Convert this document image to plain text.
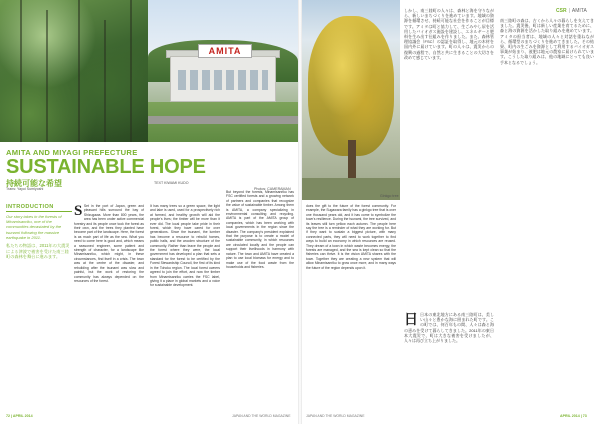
AMITA
AMITA AND MIYAGI PREFECTURE
SUSTAINABLE HOPE
持続可能な希望	TEXT KIWAMI KUDO
Trans: Yayoi Sumiyoshi	Photos: CAMERAMAN
INTRODUCTION
Our story takes in the forests of Minamisanriku, one of the communities devastated by the tsunami following the massive earthquake in 2011.
私たちの物語は、2011年の大震災による津波で被害を受けた南三陸町の森林を舞台に進みます。
S Set in the port of Japan, green and pleasant hills surround the bay of Shizugawa. More than 800 years, the area has been under active commercial forestry and its people once took the forest as their own, and the trees they planted have become part of the landscape. Here, the forest is as much part of life as the sea. What you need to come here is good and, which means a seasoned engineer, some patient and strength of character, for a landscape like Minamisanriku, which might, in these circumstances, find itself in a crisis. The town was at the centre of the disaster, and rebuilding after the tsunami was slow and painful, but the work of restoring the community has always depended on the resources of the forest.
It has many trees so a green space, the light and lake is used, used for a prospectively rich at farmed, and healthy growth will aid the people's lives; the timber will be more than it ever did. The local people take pride in their forest, which they have cared for over generations. Since the tsunami, the lumber has become a resource to rebuild homes, public halls, and the wooden structure of the community. Rather than leave the people and the forest where they were, the local government has developed a plan that sets a standard for the forest to be certified by the Forest Stewardship Council, the first of its kind in the Tohoku region. The local forest owners agreed to join the effort, and now the timber from Minamisanriku carries the FSC label, giving it a place in global markets and a voice for sustainable development.
But beyond the forests, Minamisanriku has FSC certified forests and a growing network of partners and companies that recognize the value of sustainable timber. Among them is AMITA, a company specializing in environmental consulting and recycling. AMITA is part of the AMITA group of companies, which has been working with local governments in the region since the disaster. The company's president explained that the purpose is to create a model of sustainable community, in which resources are circulated locally and the people can support their livelihoods in harmony with nature. The town and AMITA have created a plan to use local biomass for energy and to make use of the food waste from the households and fisheries.
72 | APRIL 2014	JAPAN AND THE WORLD MAGAZINE
CSR | AMITA
Ginkgo tree
does the gift to the future of the forest community. For example, the Sugawara family has a ginkgo tree that is over one thousand years old, and it has come to symbolize the town's resilience. During the tsunami, the tree survived, and its leaves still turn yellow each autumn. The people here say the tree is a reminder of what they are working for. But if they want to sustain a biggest picture, with many connected parts, they will need to work together to find ways to build an economy in which resources are reused. They dream of a town in which waste becomes energy, the forests are managed, and the sea is kept clean so that the fisheries can thrive. It is the vision AMITA shares with the town. Together they are creating a new system that will allow Minamisanriku to grow once more, and in many ways the future of the region depends upon it.
しかし、南三陸町の人々は、森林と海を守りながら、新しいまちづくりを進めています。地域の資源を循環させ、持続可能な社会を作ることが目標です。アミタは町と協力して、生ごみやし尿を活用したバイオガス施設を建設し、エネルギーと肥料を生み出す仕組みを作りました。また、森林管理協議会（FSC）の認証を取得し、地元の木材を国内外に届けています。町の人々は、震災からの復興の過程で、自然と共に生きることの大切さを改めて感じています。
日日本の東北地方にある南三陸町は、美しい山々と豊かな海に囲まれた町です。この町では、何百年もの間、人々は森と海の恵みを受けて暮らしてきました。2011年の東日本大震災で、町は大きな被害を受けましたが、人々は再び立ち上がりました。
南三陸町の森は、古くから人々の暮らしを支えてきました。震災後、町は新しい産業を育てるために、森と海の資源を活かした取り組みを進めています。アミタの担当者は、地域の人々と対話を重ねながら、循環型のまちづくりを進めてきました。その結果、町内の生ごみを資源として利用するバイオガス事業が始まり、液肥は地元の農家に届けられています。こうした取り組みは、他の地域にとっても良い手本となるでしょう。
JAPAN AND THE WORLD MAGAZINE	APRIL 2014 | 73
